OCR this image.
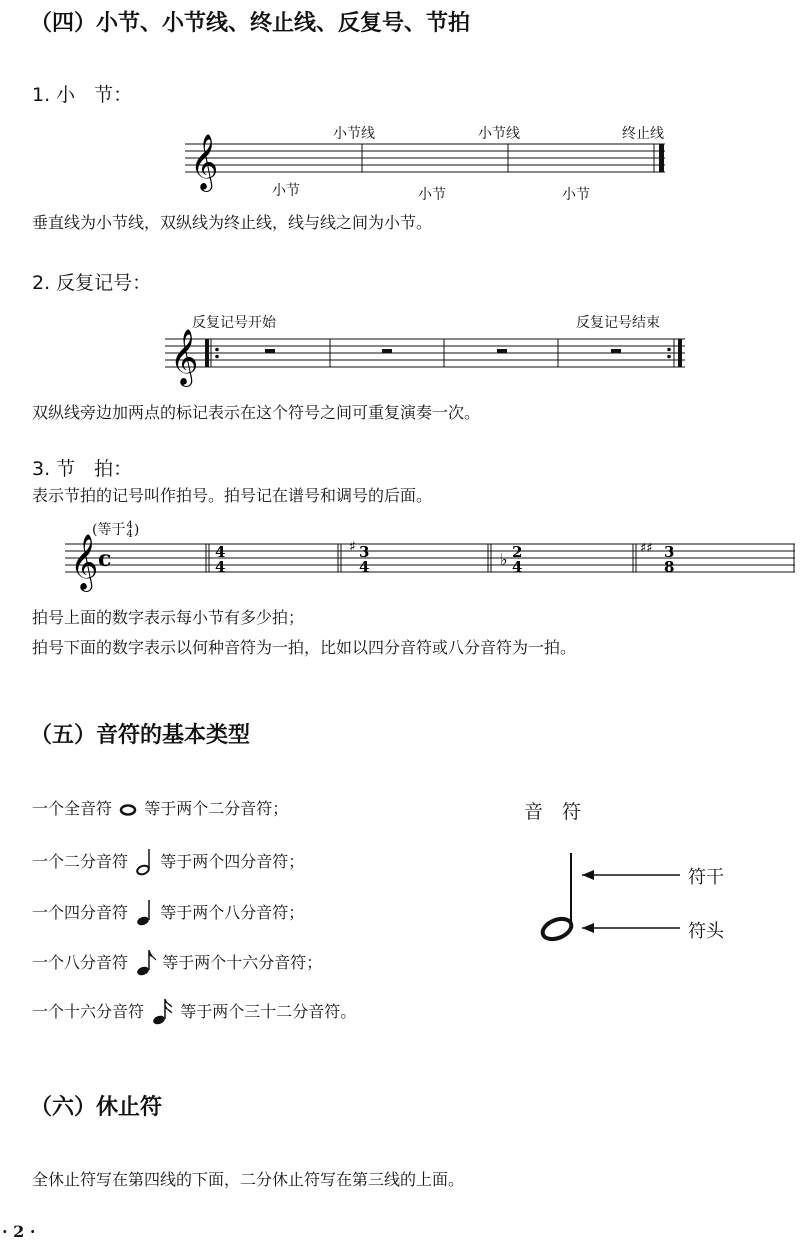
（四）小节、小节线、终止线、反复号、节拍
1. 小　节：
𝄞	小节线	小节线	终止线
小节	小节	小节
垂直线为小节线，双纵线为终止线，线与线之间为小节。
2. 反复记号：
反复记号开始	反复记号结束
𝄞
双纵线旁边加两点的标记表示在这个符号之间可重复演奏一次。
3. 节　拍：
表示节拍的记号叫作拍号。拍号记在谱号和调号的后面。
(等于4
4)
𝄞 c	4
4
♯ 3
4	♭ 2
4
♯♯ 3
8
拍号上面的数字表示每小节有多少拍；
拍号下面的数字表示以何种音符为一拍，比如以四分音符或八分音符为一拍。
（五）音符的基本类型
一个全音符 等于两个二分音符；
一个二分音符 等于两个四分音符；
一个四分音符 等于两个八分音符；
一个八分音符 等于两个十六分音符；
一个十六分音符 等于两个三十二分音符。
音　符
符干
符头
（六）休止符
全休止符写在第四线的下面，二分休止符写在第三线的上面。
· 2 ·
